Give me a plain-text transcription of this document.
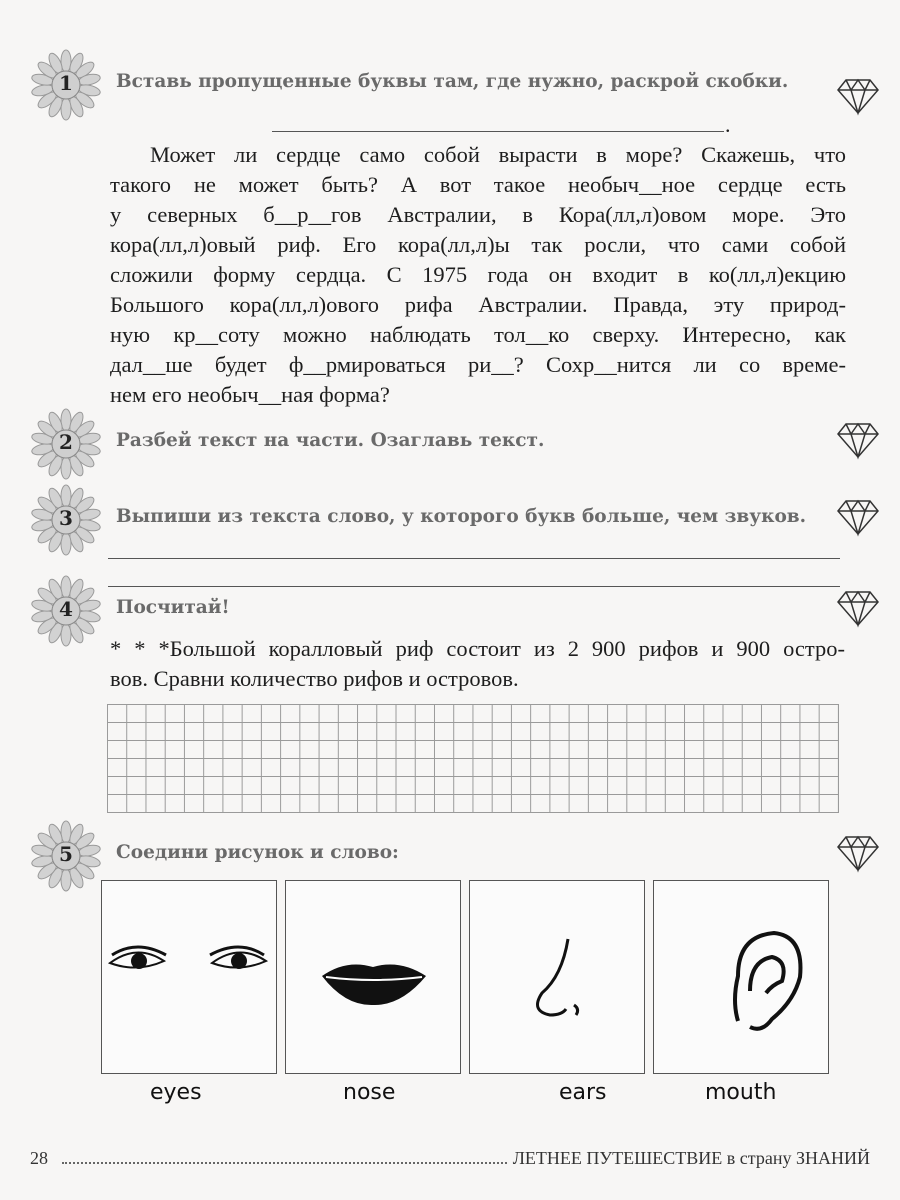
1
2
3
4
5
Вставь пропущенные буквы там, где нужно, раскрой скобки.
.
Может ли сердце само собой вырасти в море? Скажешь, что
такого не может быть? А вот такое необыч__ное сердце есть
у северных б__р__гов Австралии, в Кора(лл,л)овом море. Это
кора(лл,л)овый риф. Его кора(лл,л)ы так росли, что сами собой
сложили форму сердца. С 1975 года он входит в ко(лл,л)екцию
Большого кора(лл,л)ового рифа Австралии. Правда, эту природ-
ную кр__соту можно наблюдать тол__ко сверху. Интересно, как
дал__ше будет ф__рмироваться ри__? Сохр__нится ли со време-
нем его необыч__ная форма?
Разбей текст на части. Озаглавь текст.
Выпиши из текста слово, у которого букв больше, чем звуков.
Посчитай!
* * *Большой коралловый риф состоит из 2 900 рифов и 900 остро-
вов. Сравни количество рифов и островов.
Соедини рисунок и слово:
eyes	nose	ears	mouth
28	ЛЕТНЕЕ ПУТЕШЕСТВИЕ в страну ЗНАНИЙ
